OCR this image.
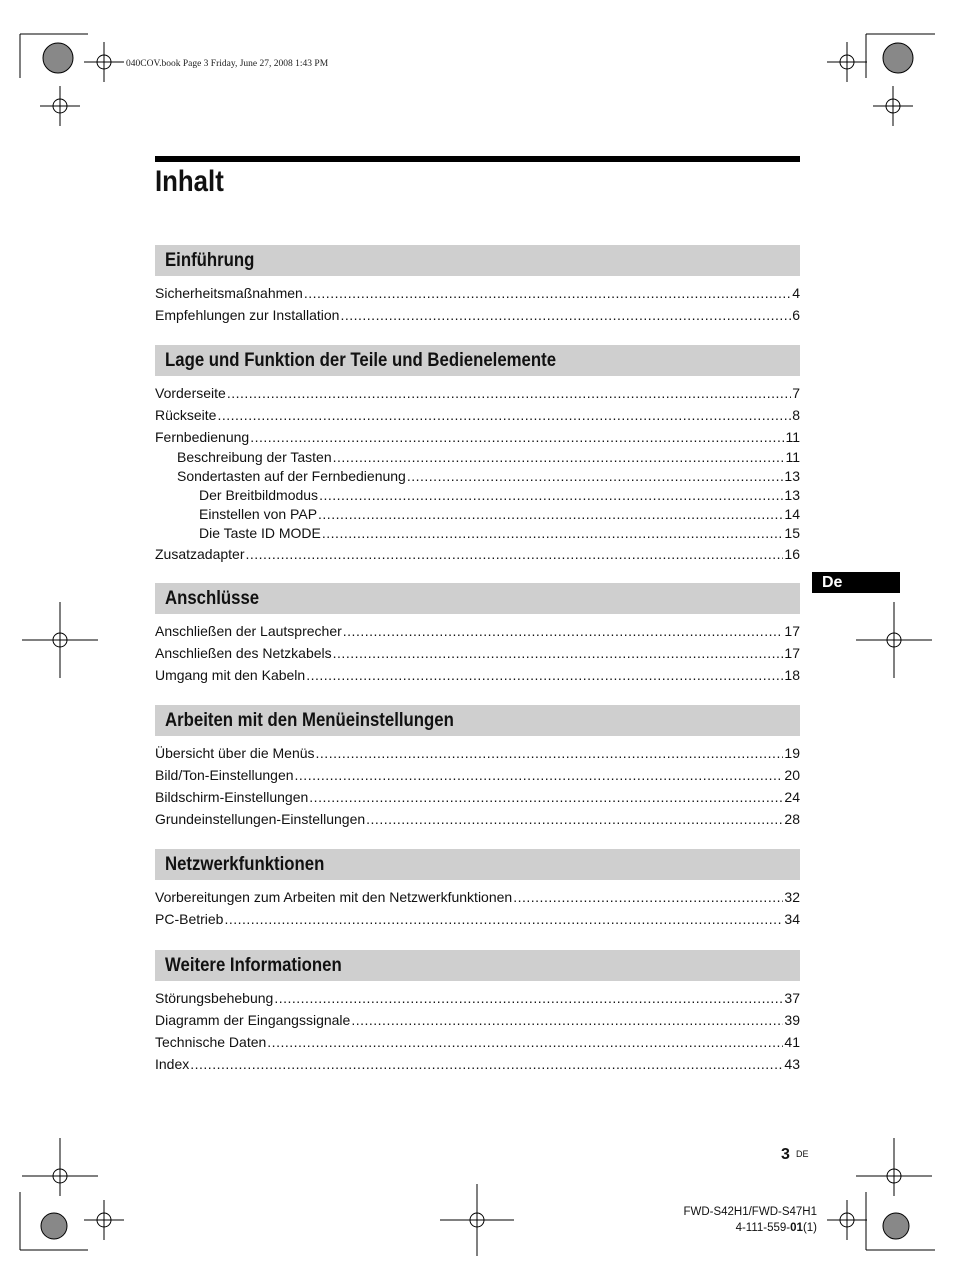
040COV.book Page 3 Friday, June 27, 2008 1:43 PM
Inhalt
Einführung
Sicherheitsmaßnahmen .....	4
Empfehlungen zur Installation .....	6
Lage und Funktion der Teile und Bedienelemente
Vorderseite .....	7
Rückseite .....	8
Fernbedienung .....	11
Beschreibung der Tasten .....	11
Sondertasten auf der Fernbedienung .....	13
Der Breitbildmodus .....	13
Einstellen von PAP .....	14
Die Taste ID MODE .....	15
Zusatzadapter .....	16
Anschlüsse
Anschließen der Lautsprecher .....	17
Anschließen des Netzkabels .....	17
Umgang mit den Kabeln .....	18
Arbeiten mit den Menüeinstellungen
Übersicht über die Menüs .....	19
Bild/Ton-Einstellungen .....	20
Bildschirm-Einstellungen .....	24
Grundeinstellungen-Einstellungen .....	28
Netzwerkfunktionen
Vorbereitungen zum Arbeiten mit den Netzwerkfunktionen .....	32
PC-Betrieb .....	34
Weitere Informationen
Störungsbehebung .....	37
Diagramm der Eingangssignale .....	39
Technische Daten .....	41
Index .....	43
De
3 DE
FWD-S42H1/FWD-S47H1
4-111-559-01(1)
